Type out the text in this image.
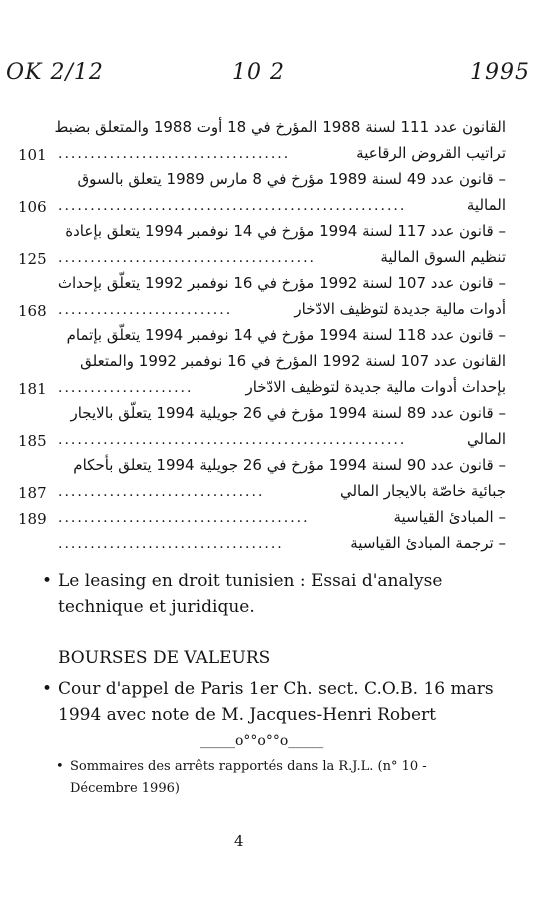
OK 2/12	10 2	1995
القانون عدد 111 لسنة 1988 المؤرخ في 18 أوت 1988 والمتعلق بضبط
101 ....................................	تراتيب القروض الرقاعية
– قانون عدد 49 لسنة 1989 مؤرخ في 8 مارس 1989 يتعلق بالسوق
106 ......................................................	المالية
– قانون عدد 117 لسنة 1994 مؤرخ في 14 نوفمبر 1994 يتعلق بإعادة
125 ........................................	تنظيم السوق المالية
– قانون عدد 107 لسنة 1992 مؤرخ في 16 نوفمبر 1992 يتعلّق بإحداث
168 ...........................	أدوات مالية جديدة لتوظيف الادّخار
– قانون عدد 118 لسنة 1994 مؤرخ في 14 نوفمبر 1994 يتعلّق بإتمام
القانون عدد 107 لسنة 1992 المؤرخ في 16 نوفمبر 1992 والمتعلق
181 .....................	بإحداث أدوات مالية جديدة لتوظيف الادّخار
– قانون عدد 89 لسنة 1994 مؤرخ في 26 جويلية 1994 يتعلّق بالايجار
185 ......................................................	المالي
– قانون عدد 90 لسنة 1994 مؤرخ في 26 جويلية 1994 يتعلق بأحكام
187 ................................	جبائية خاصّة بالايجار المالي
189 .......................................	– المبادئ القياسية
...................................	– ترجمة المبادئ القياسية
• Le leasing en droit tunisien : Essai d'analyse technique et juridique.
BOURSES DE VALEURS
• Cour d'appel de Paris 1er Ch. sect. C.O.B. 16 mars 1994 avec note de M. Jacques-Henri Robert
_____o°°o°°o_____
• Sommaires des arrêts rapportés dans la R.J.L. (n° 10 - Décembre 1996)
4
